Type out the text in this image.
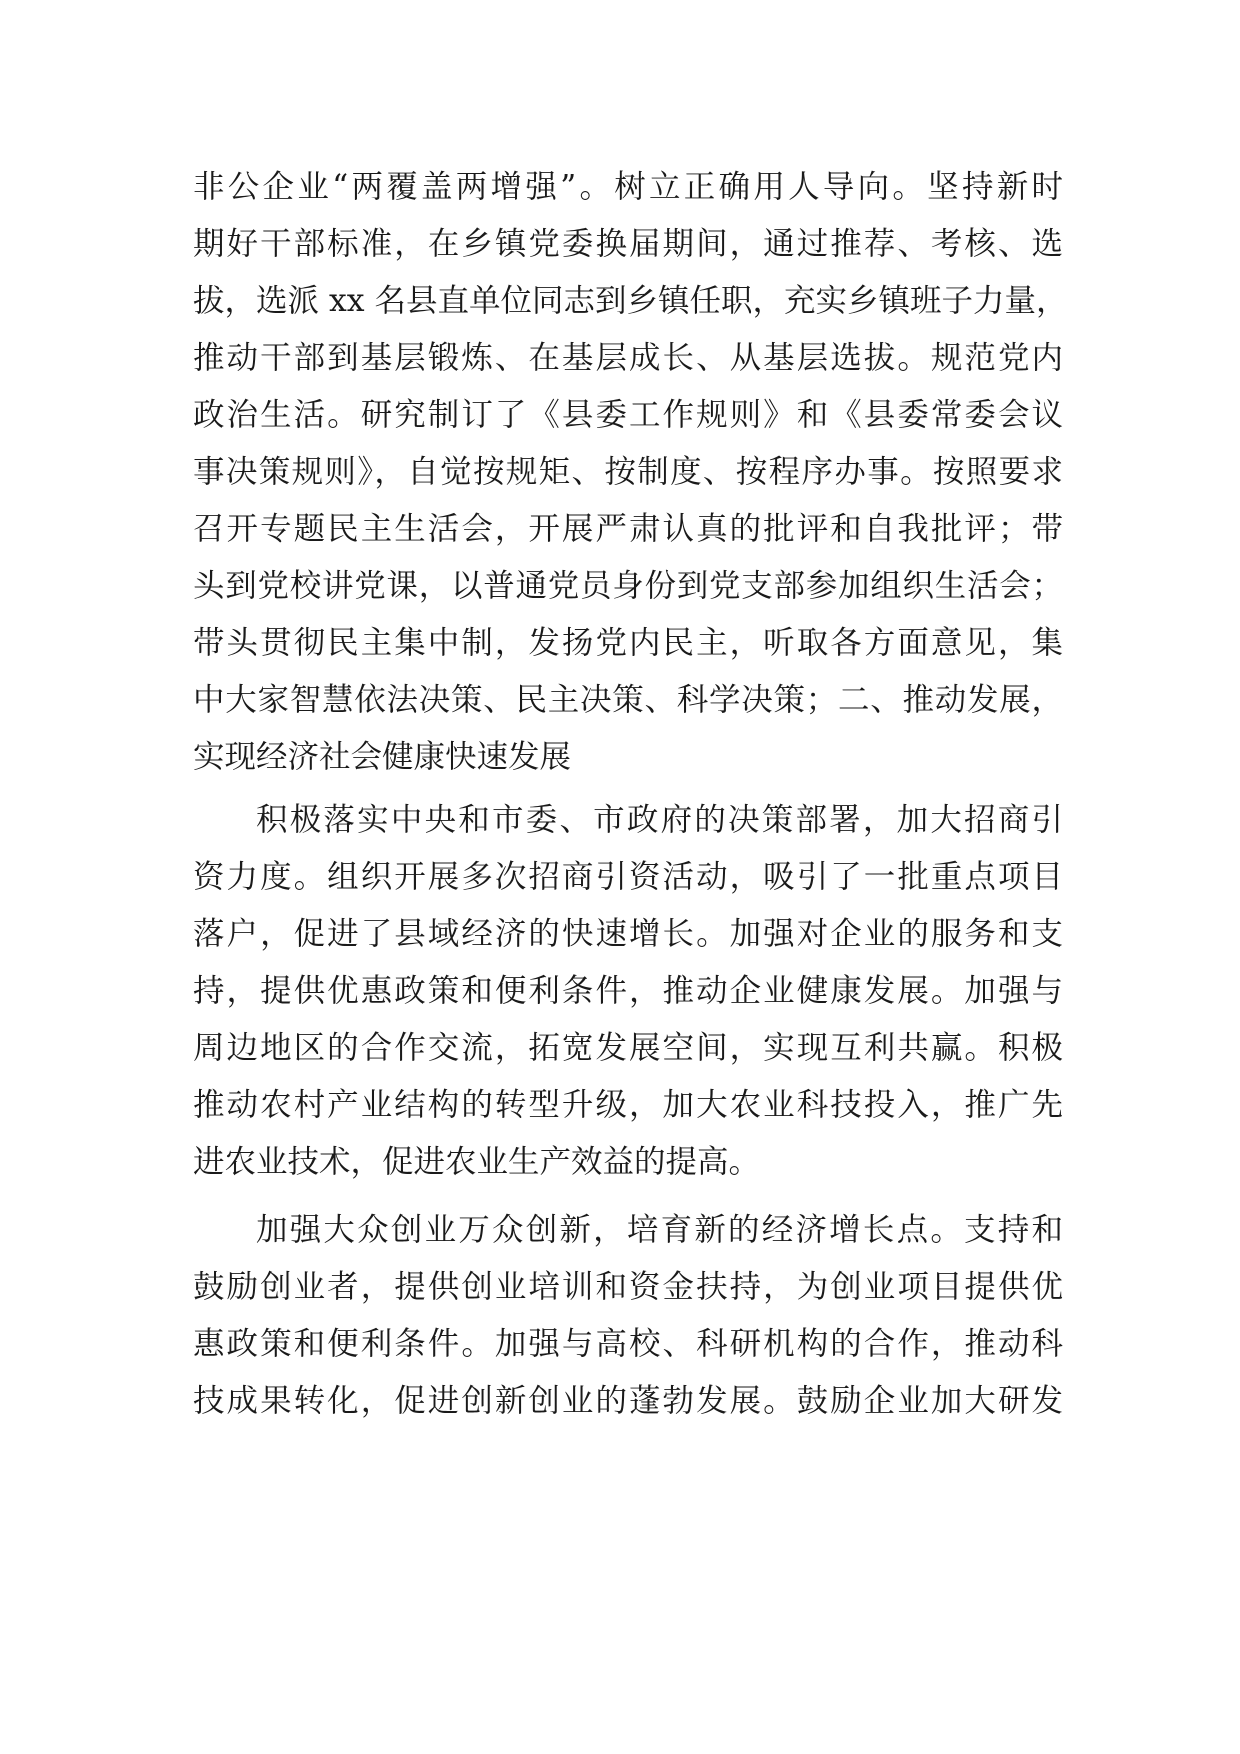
非公企业“两覆盖两增强”。树立正确用人导向。坚持新时

期好干部标准，在乡镇党委换届期间，通过推荐、考核、选

拔，选派 xx 名县直单位同志到乡镇任职，充实乡镇班子力量，

推动干部到基层锻炼、在基层成长、从基层选拔。规范党内

政治生活。研究制订了《县委工作规则》和《县委常委会议

事决策规则》，自觉按规矩、按制度、按程序办事。按照要求

召开专题民主生活会，开展严肃认真的批评和自我批评；带

头到党校讲党课，以普通党员身份到党支部参加组织生活会；

带头贯彻民主集中制，发扬党内民主，听取各方面意见，集

中大家智慧依法决策、民主决策、科学决策；二、推动发展，

实现经济社会健康快速发展

积极落实中央和市委、市政府的决策部署，加大招商引

资力度。组织开展多次招商引资活动，吸引了一批重点项目

落户，促进了县域经济的快速增长。加强对企业的服务和支

持，提供优惠政策和便利条件，推动企业健康发展。加强与

周边地区的合作交流，拓宽发展空间，实现互利共赢。积极

推动农村产业结构的转型升级，加大农业科技投入，推广先

进农业技术，促进农业生产效益的提高。

加强大众创业万众创新，培育新的经济增长点。支持和

鼓励创业者，提供创业培训和资金扶持，为创业项目提供优

惠政策和便利条件。加强与高校、科研机构的合作，推动科

技成果转化，促进创新创业的蓬勃发展。鼓励企业加大研发
